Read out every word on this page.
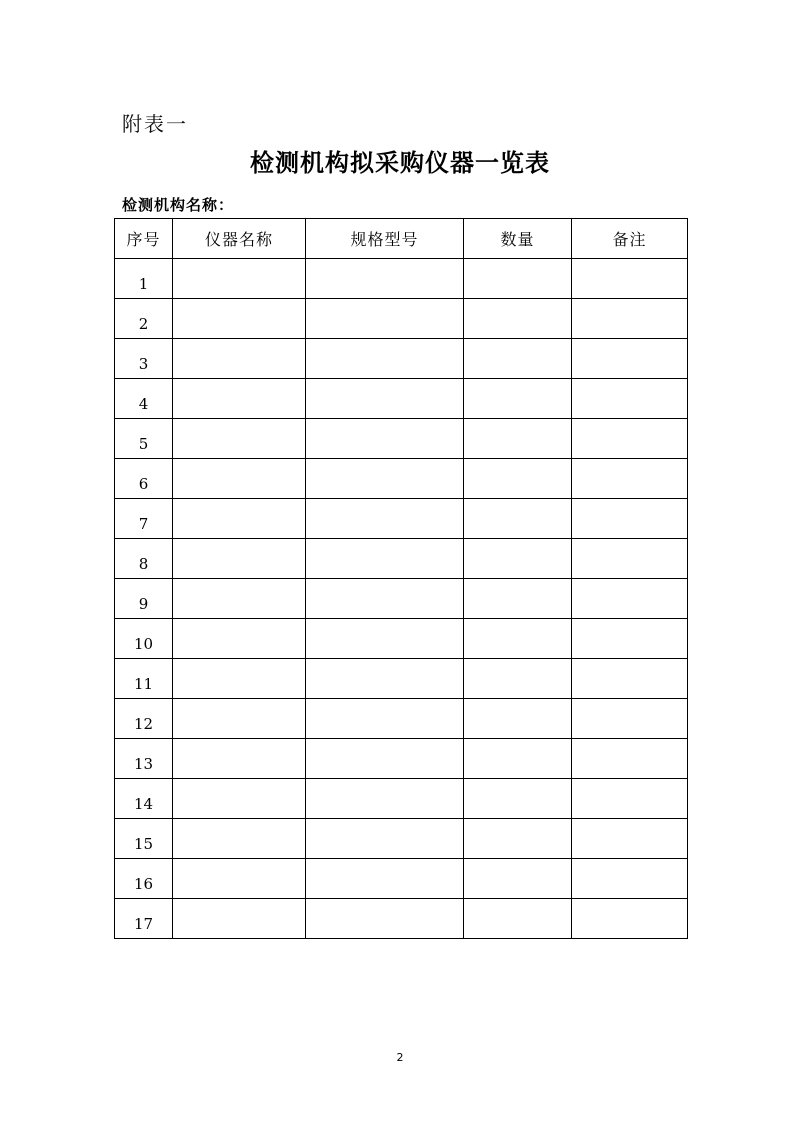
附表一
检测机构拟采购仪器一览表
检测机构名称：
序号	仪器名称	规格型号	数量	备注
1				
2				
3				
4				
5				
6				
7				
8				
9				
10				
11				
12				
13				
14				
15				
16				
17				
2
